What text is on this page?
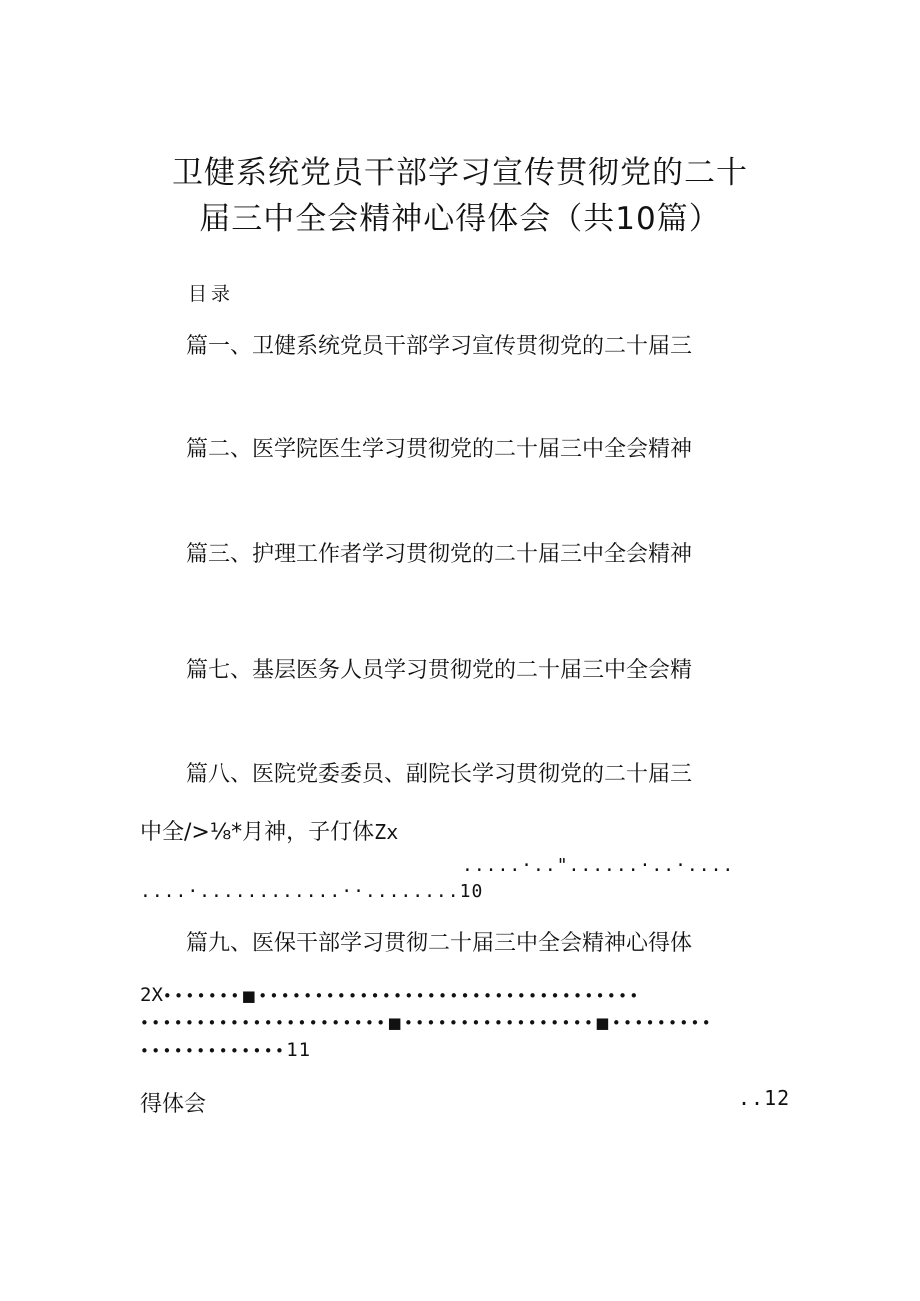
卫健系统党员干部学习宣传贯彻党的二十
届三中全会精神心得体会（共10篇）
目录
篇一、卫健系统党员干部学习宣传贯彻党的二十届三
篇二、医学院医生学习贯彻党的二十届三中全会精神
篇三、护理工作者学习贯彻党的二十届三中全会精神
篇七、基层医务人员学习贯彻党的二十届三中全会精
篇八、医院党委委员、副院长学习贯彻党的二十届三
中全/>⅛*月神，子仃体Zx
.....·.."......·..·....
....·............··........10
篇九、医保干部学习贯彻二十届三中全会精神心得体
2X•••••••■••••••••••••••••••••••••••••••••••
••••••••••••••••••••••■•••••••••••••••••■•••••••••
•••••••••••••11
得体会	..12
